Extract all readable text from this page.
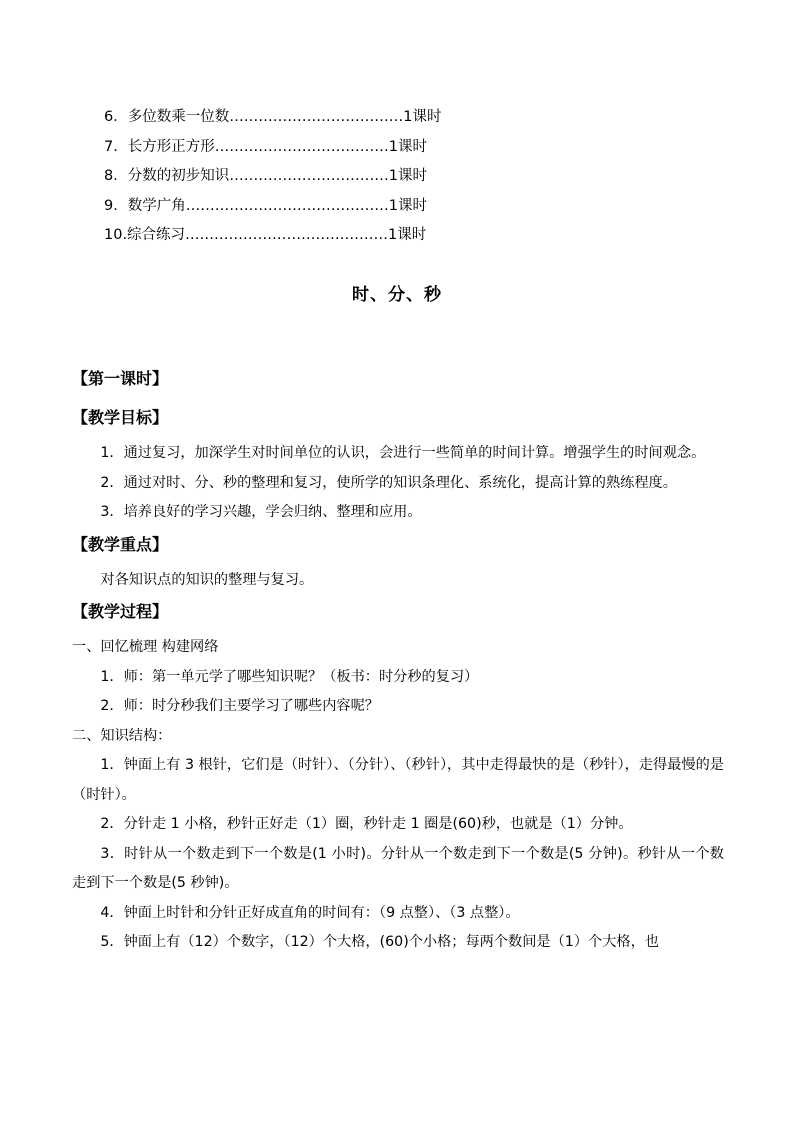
6．多位数乘一位数………………………………1课时
7．长方形正方形………………………………1课时
8．分数的初步知识……………………………1课时
9．数学广角……………………………………1课时
10.综合练习……………………………………1课时
时、分、秒
【第一课时】
【教学目标】
1．通过复习，加深学生对时间单位的认识，会进行一些简单的时间计算。增强学生的时间观念。
2．通过对时、分、秒的整理和复习，使所学的知识条理化、系统化，提高计算的熟练程度。
3．培养良好的学习兴趣，学会归纳、整理和应用。
【教学重点】
对各知识点的知识的整理与复习。
【教学过程】
一、回忆梳理 构建网络
1．师：第一单元学了哪些知识呢？（板书：时分秒的复习）
2．师：时分秒我们主要学习了哪些内容呢？
二、知识结构：
1．钟面上有 3 根针，它们是（时针）、（分针）、（秒针），其中走得最快的是（秒针），走得最慢的是（时针）。
2．分针走 1 小格，秒针正好走（1）圈，秒针走 1 圈是(60)秒，也就是（1）分钟。
3．时针从一个数走到下一个数是(1 小时)。分针从一个数走到下一个数是(5 分钟)。秒针从一个数走到下一个数是(5 秒钟)。
4．钟面上时针和分针正好成直角的时间有：（9 点整）、（3 点整）。
5．钟面上有（12）个数字，（12）个大格，(60)个小格；每两个数间是（1）个大格，也
